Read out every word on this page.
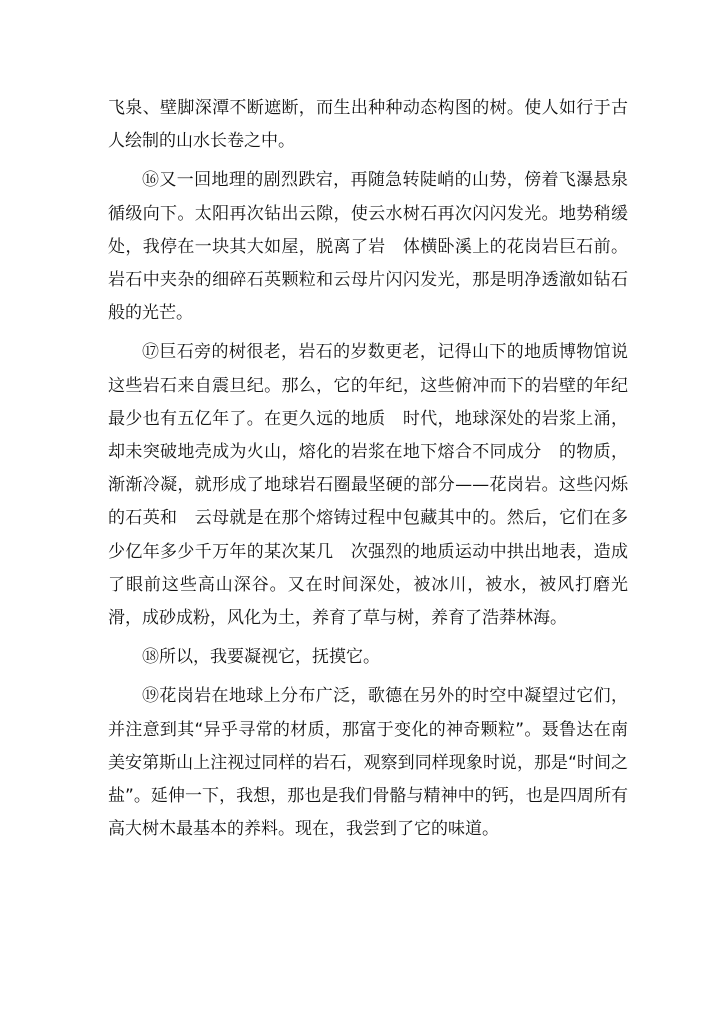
飞泉、壁脚深潭不断遮断，而生出种种动态构图的树。使人如行于古人绘制的山水长卷之中。

⑯又一回地理的剧烈跌宕，再随急转陡峭的山势，傍着飞瀑悬泉循级向下。太阳再次钻出云隙，使云水树石再次闪闪发光。地势稍缓处，我停在一块其大如屋，脱离了岩　体横卧溪上的花岗岩巨石前。岩石中夹杂的细碎石英颗粒和云母片闪闪发光，那是明净透澈如钻石般的光芒。

⑰巨石旁的树很老，岩石的岁数更老，记得山下的地质博物馆说这些岩石来自震旦纪。那么，它的年纪，这些俯冲而下的岩壁的年纪最少也有五亿年了。在更久远的地质　时代，地球深处的岩浆上涌，却未突破地壳成为火山，熔化的岩浆在地下熔合不同成分　的物质，渐渐冷凝，就形成了地球岩石圈最坚硬的部分——花岗岩。这些闪烁的石英和　云母就是在那个熔铸过程中包藏其中的。然后，它们在多少亿年多少千万年的某次某几　次强烈的地质运动中拱出地表，造成了眼前这些高山深谷。又在时间深处，被冰川，被水，被风打磨光滑，成砂成粉，风化为土，养育了草与树，养育了浩莽林海。

⑱所以，我要凝视它，抚摸它。

⑲花岗岩在地球上分布广泛，歌德在另外的时空中凝望过它们，并注意到其“异乎寻常的材质，那富于变化的神奇颗粒”。聂鲁达在南美安第斯山上注视过同样的岩石，观察到同样现象时说，那是“时间之盐”。延伸一下，我想，那也是我们骨骼与精神中的钙，也是四周所有高大树木最基本的养料。现在，我尝到了它的味道。
